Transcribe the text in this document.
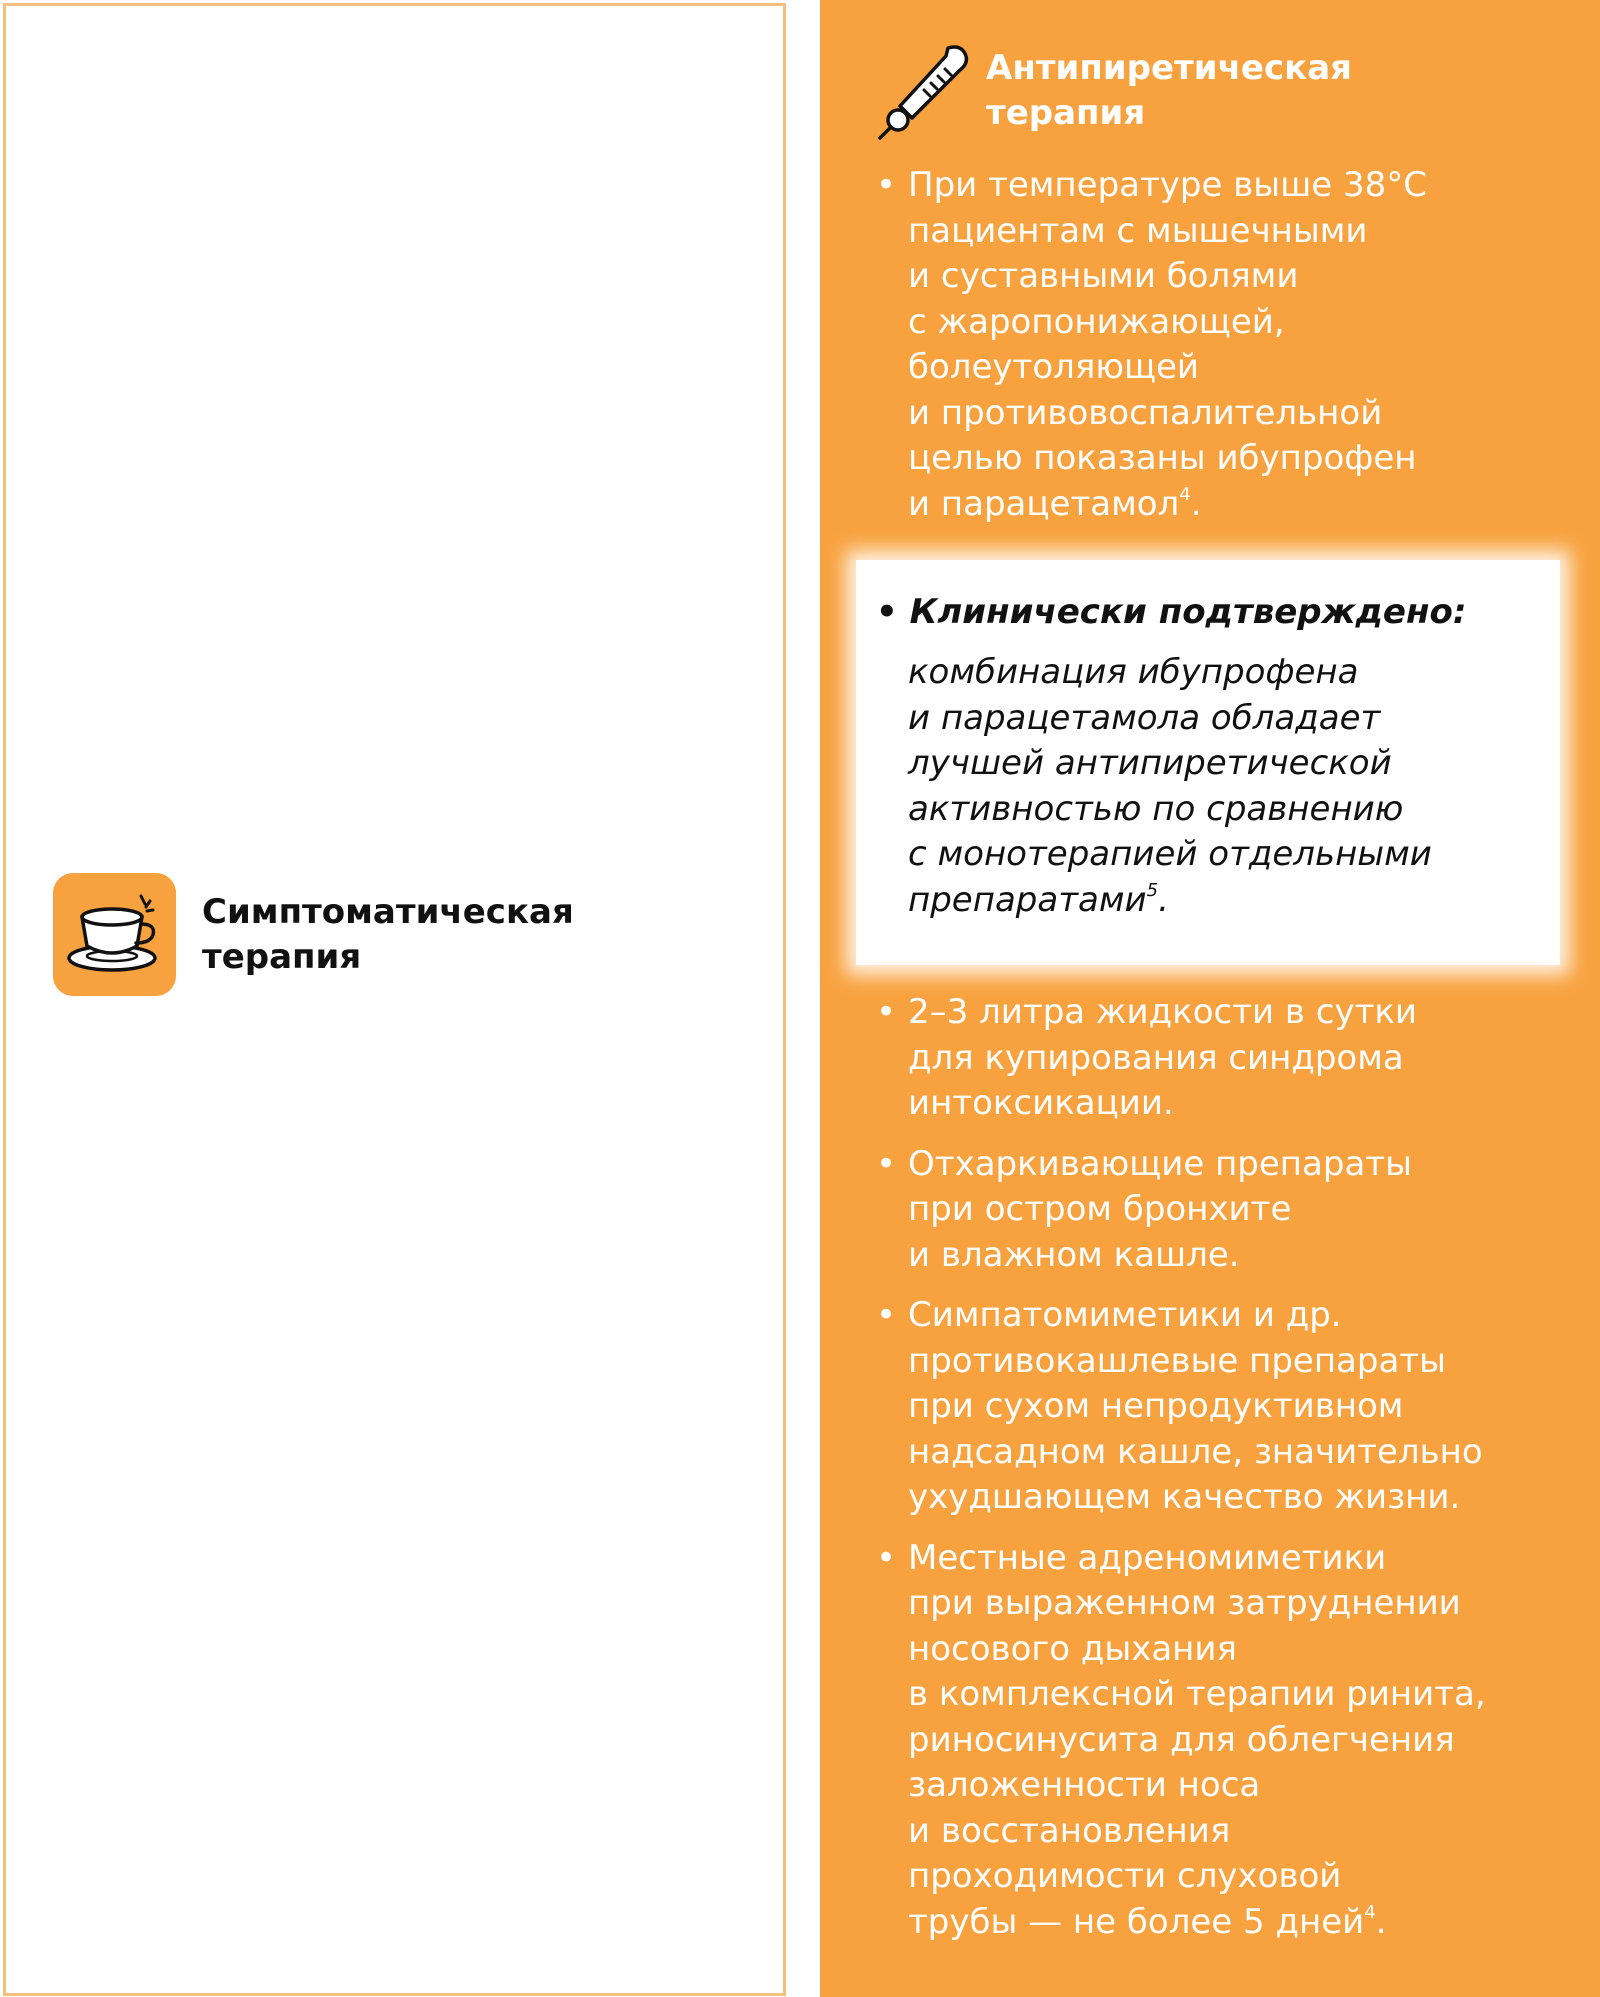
Симптоматическая
терапия
Антипиретическая
терапия
• При температуре выше 38°С
пациентам с мышечными
и суставными болями
с жаропонижающей,
болеутоляющей
и противовоспалительной
целью показаны ибупрофен
и парацетамол$^4$.
• 2–3 литра жидкости в сутки
для купирования синдрома
интоксикации.
• Отхаркивающие препараты
при остром бронхите
и влажном кашле.
• Симпатомиметики и др.
противокашлевые препараты
при сухом непродуктивном
надсадном кашле, значительно
ухудшающем качество жизни.
• Местные адреномиметики
при выраженном затруднении
носового дыхания
в комплексной терапии ринита,
риносинусита для облегчения
заложенности носа
и восстановления
проходимости слуховой
трубы — не более 5 дней$^4$.
• Клинически подтверждено:
комбинация ибупрофена
и парацетамола обладает
лучшей антипиретической
активностью по сравнению
с монотерапией отдельными
препаратами$^5$.
